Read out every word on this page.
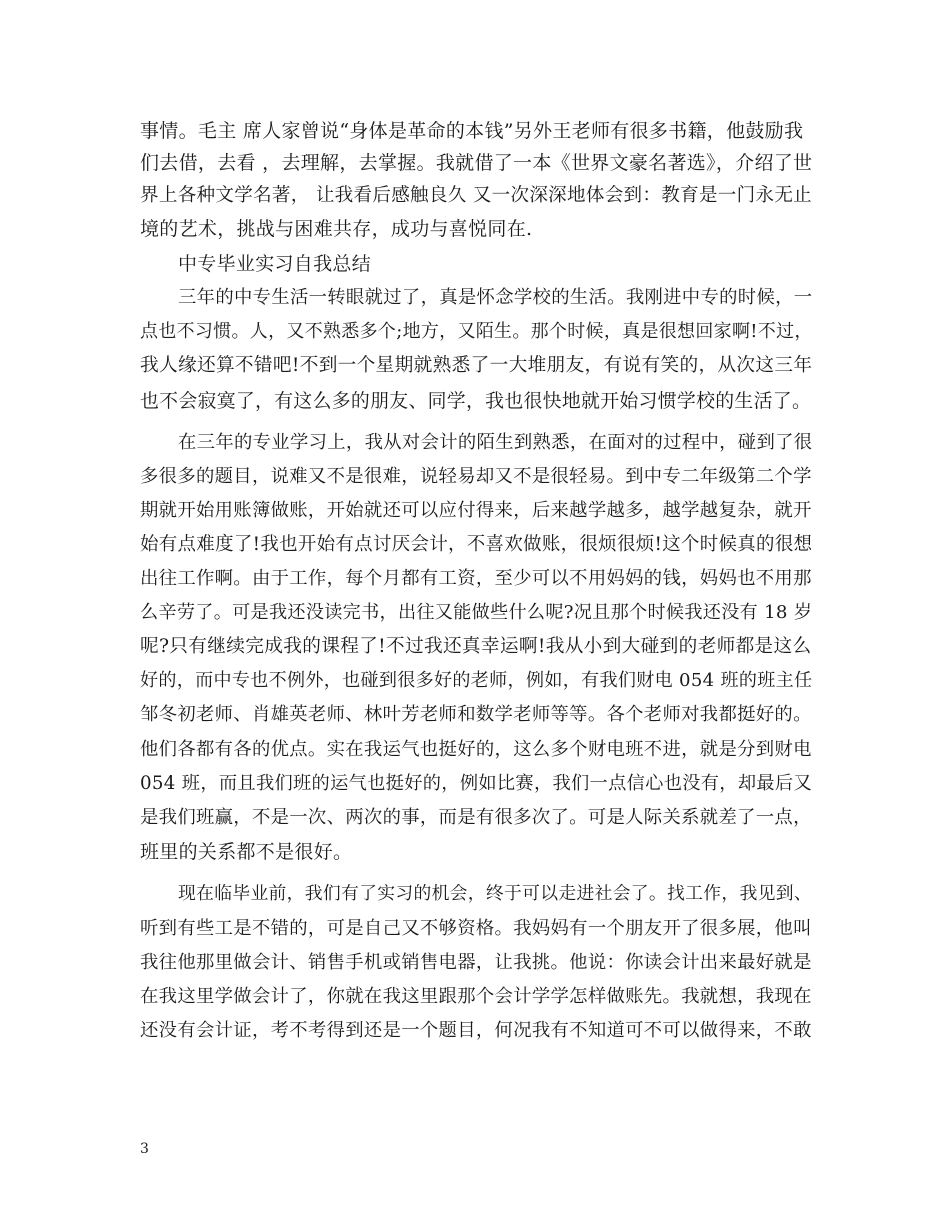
事情。毛主 席人家曾说“身体是革命的本钱”另外王老师有很多书籍，他鼓励我
们去借，去看 ，去理解，去掌握。我就借了一本《世界文豪名著选》，介绍了世
界上各种文学名著， 让我看后感触良久 又一次深深地体会到：教育是一门永无止
境的艺术，挑战与困难共存，成功与喜悦同在.
中专毕业实习自我总结
三年的中专生活一转眼就过了，真是怀念学校的生活。我刚进中专的时候，一
点也不习惯。人，又不熟悉多个;地方，又陌生。那个时候，真是很想回家啊!不过，
我人缘还算不错吧!不到一个星期就熟悉了一大堆朋友，有说有笑的，从次这三年
也不会寂寞了，有这么多的朋友、同学，我也很快地就开始习惯学校的生活了。
在三年的专业学习上，我从对会计的陌生到熟悉，在面对的过程中，碰到了很
多很多的题目，说难又不是很难，说轻易却又不是很轻易。到中专二年级第二个学
期就开始用账簿做账，开始就还可以应付得来，后来越学越多，越学越复杂，就开
始有点难度了!我也开始有点讨厌会计，不喜欢做账，很烦很烦!这个时候真的很想
出往工作啊。由于工作，每个月都有工资，至少可以不用妈妈的钱，妈妈也不用那
么辛劳了。可是我还没读完书，出往又能做些什么呢?况且那个时候我还没有 18 岁
呢?只有继续完成我的课程了!不过我还真幸运啊!我从小到大碰到的老师都是这么
好的，而中专也不例外，也碰到很多好的老师，例如，有我们财电 054 班的班主任
邹冬初老师、肖雄英老师、林叶芳老师和数学老师等等。各个老师对我都挺好的。
他们各都有各的优点。实在我运气也挺好的，这么多个财电班不进，就是分到财电
054 班，而且我们班的运气也挺好的，例如比赛，我们一点信心也没有，却最后又
是我们班赢，不是一次、两次的事，而是有很多次了。可是人际关系就差了一点，
班里的关系都不是很好。
现在临毕业前，我们有了实习的机会，终于可以走进社会了。找工作，我见到、
听到有些工是不错的，可是自己又不够资格。我妈妈有一个朋友开了很多展，他叫
我往他那里做会计、销售手机或销售电器，让我挑。他说：你读会计出来最好就是
在我这里学做会计了，你就在我这里跟那个会计学学怎样做账先。我就想，我现在
还没有会计证，考不考得到还是一个题目，何况我有不知道可不可以做得来，不敢
3
